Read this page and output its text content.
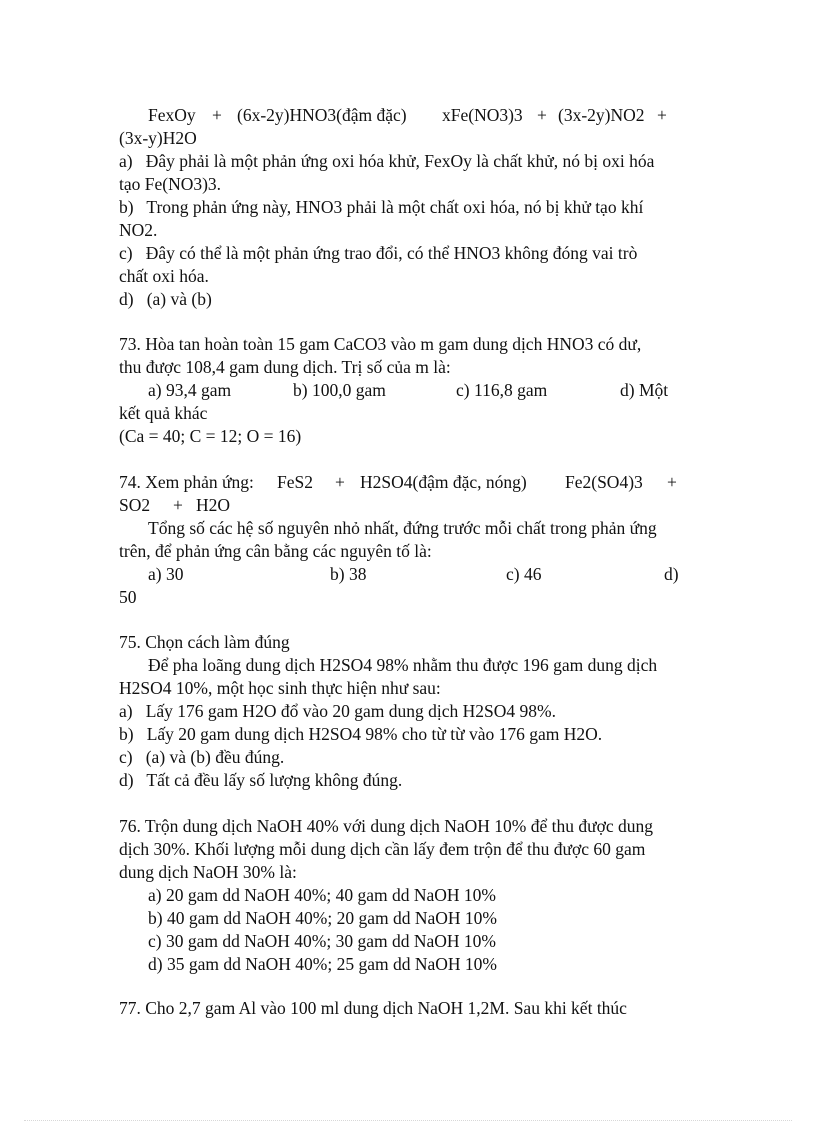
FexOy + (6x-2y)HNO3(đậm đặc) xFe(NO3)3 + (3x-2y)NO2 +
(3x-y)H2O
a)   Đây phải là một phản ứng oxi hóa khử, FexOy là chất khử, nó bị oxi hóa
tạo Fe(NO3)3.
b)   Trong phản ứng này, HNO3 phải là một chất oxi hóa, nó bị khử tạo khí
NO2.
c)   Đây có thể là một phản ứng trao đổi, có thể HNO3 không đóng vai trò
chất oxi hóa.
d)   (a) và (b)
73. Hòa tan hoàn toàn 15 gam CaCO3 vào m gam dung dịch HNO3 có dư,
thu được 108,4 gam dung dịch. Trị số của m là:
a) 93,4 gam	b) 100,0 gam	c) 116,8 gam	d) Một
kết quả khác
(Ca = 40; C = 12; O = 16)
74. Xem phản ứng: FeS2 + H2SO4(đậm đặc, nóng) Fe2(SO4)3 +
SO2 + H2O
Tổng số các hệ số nguyên nhỏ nhất, đứng trước mỗi chất trong phản ứng
trên, để phản ứng cân bằng các nguyên tố là:
a) 30	b) 38	c) 46	d)
50
75. Chọn cách làm đúng
Để pha loãng dung dịch H2SO4 98% nhằm thu được 196 gam dung dịch
H2SO4 10%, một học sinh thực hiện như sau:
a)   Lấy 176 gam H2O đổ vào 20 gam dung dịch H2SO4 98%.
b)   Lấy 20 gam dung dịch H2SO4 98% cho từ từ vào 176 gam H2O.
c)   (a) và (b) đều đúng.
d)   Tất cả đều lấy số lượng không đúng.
76. Trộn dung dịch NaOH 40% với dung dịch NaOH 10% để thu được dung
dịch 30%. Khối lượng mỗi dung dịch cần lấy đem trộn để thu được 60 gam
dung dịch NaOH 30% là:
a) 20 gam dd NaOH 40%; 40 gam dd NaOH 10%
b) 40 gam dd NaOH 40%; 20 gam dd NaOH 10%
c) 30 gam dd NaOH 40%; 30 gam dd NaOH 10%
d) 35 gam dd NaOH 40%; 25 gam dd NaOH 10%
77. Cho 2,7 gam Al vào 100 ml dung dịch NaOH 1,2M. Sau khi kết thúc
